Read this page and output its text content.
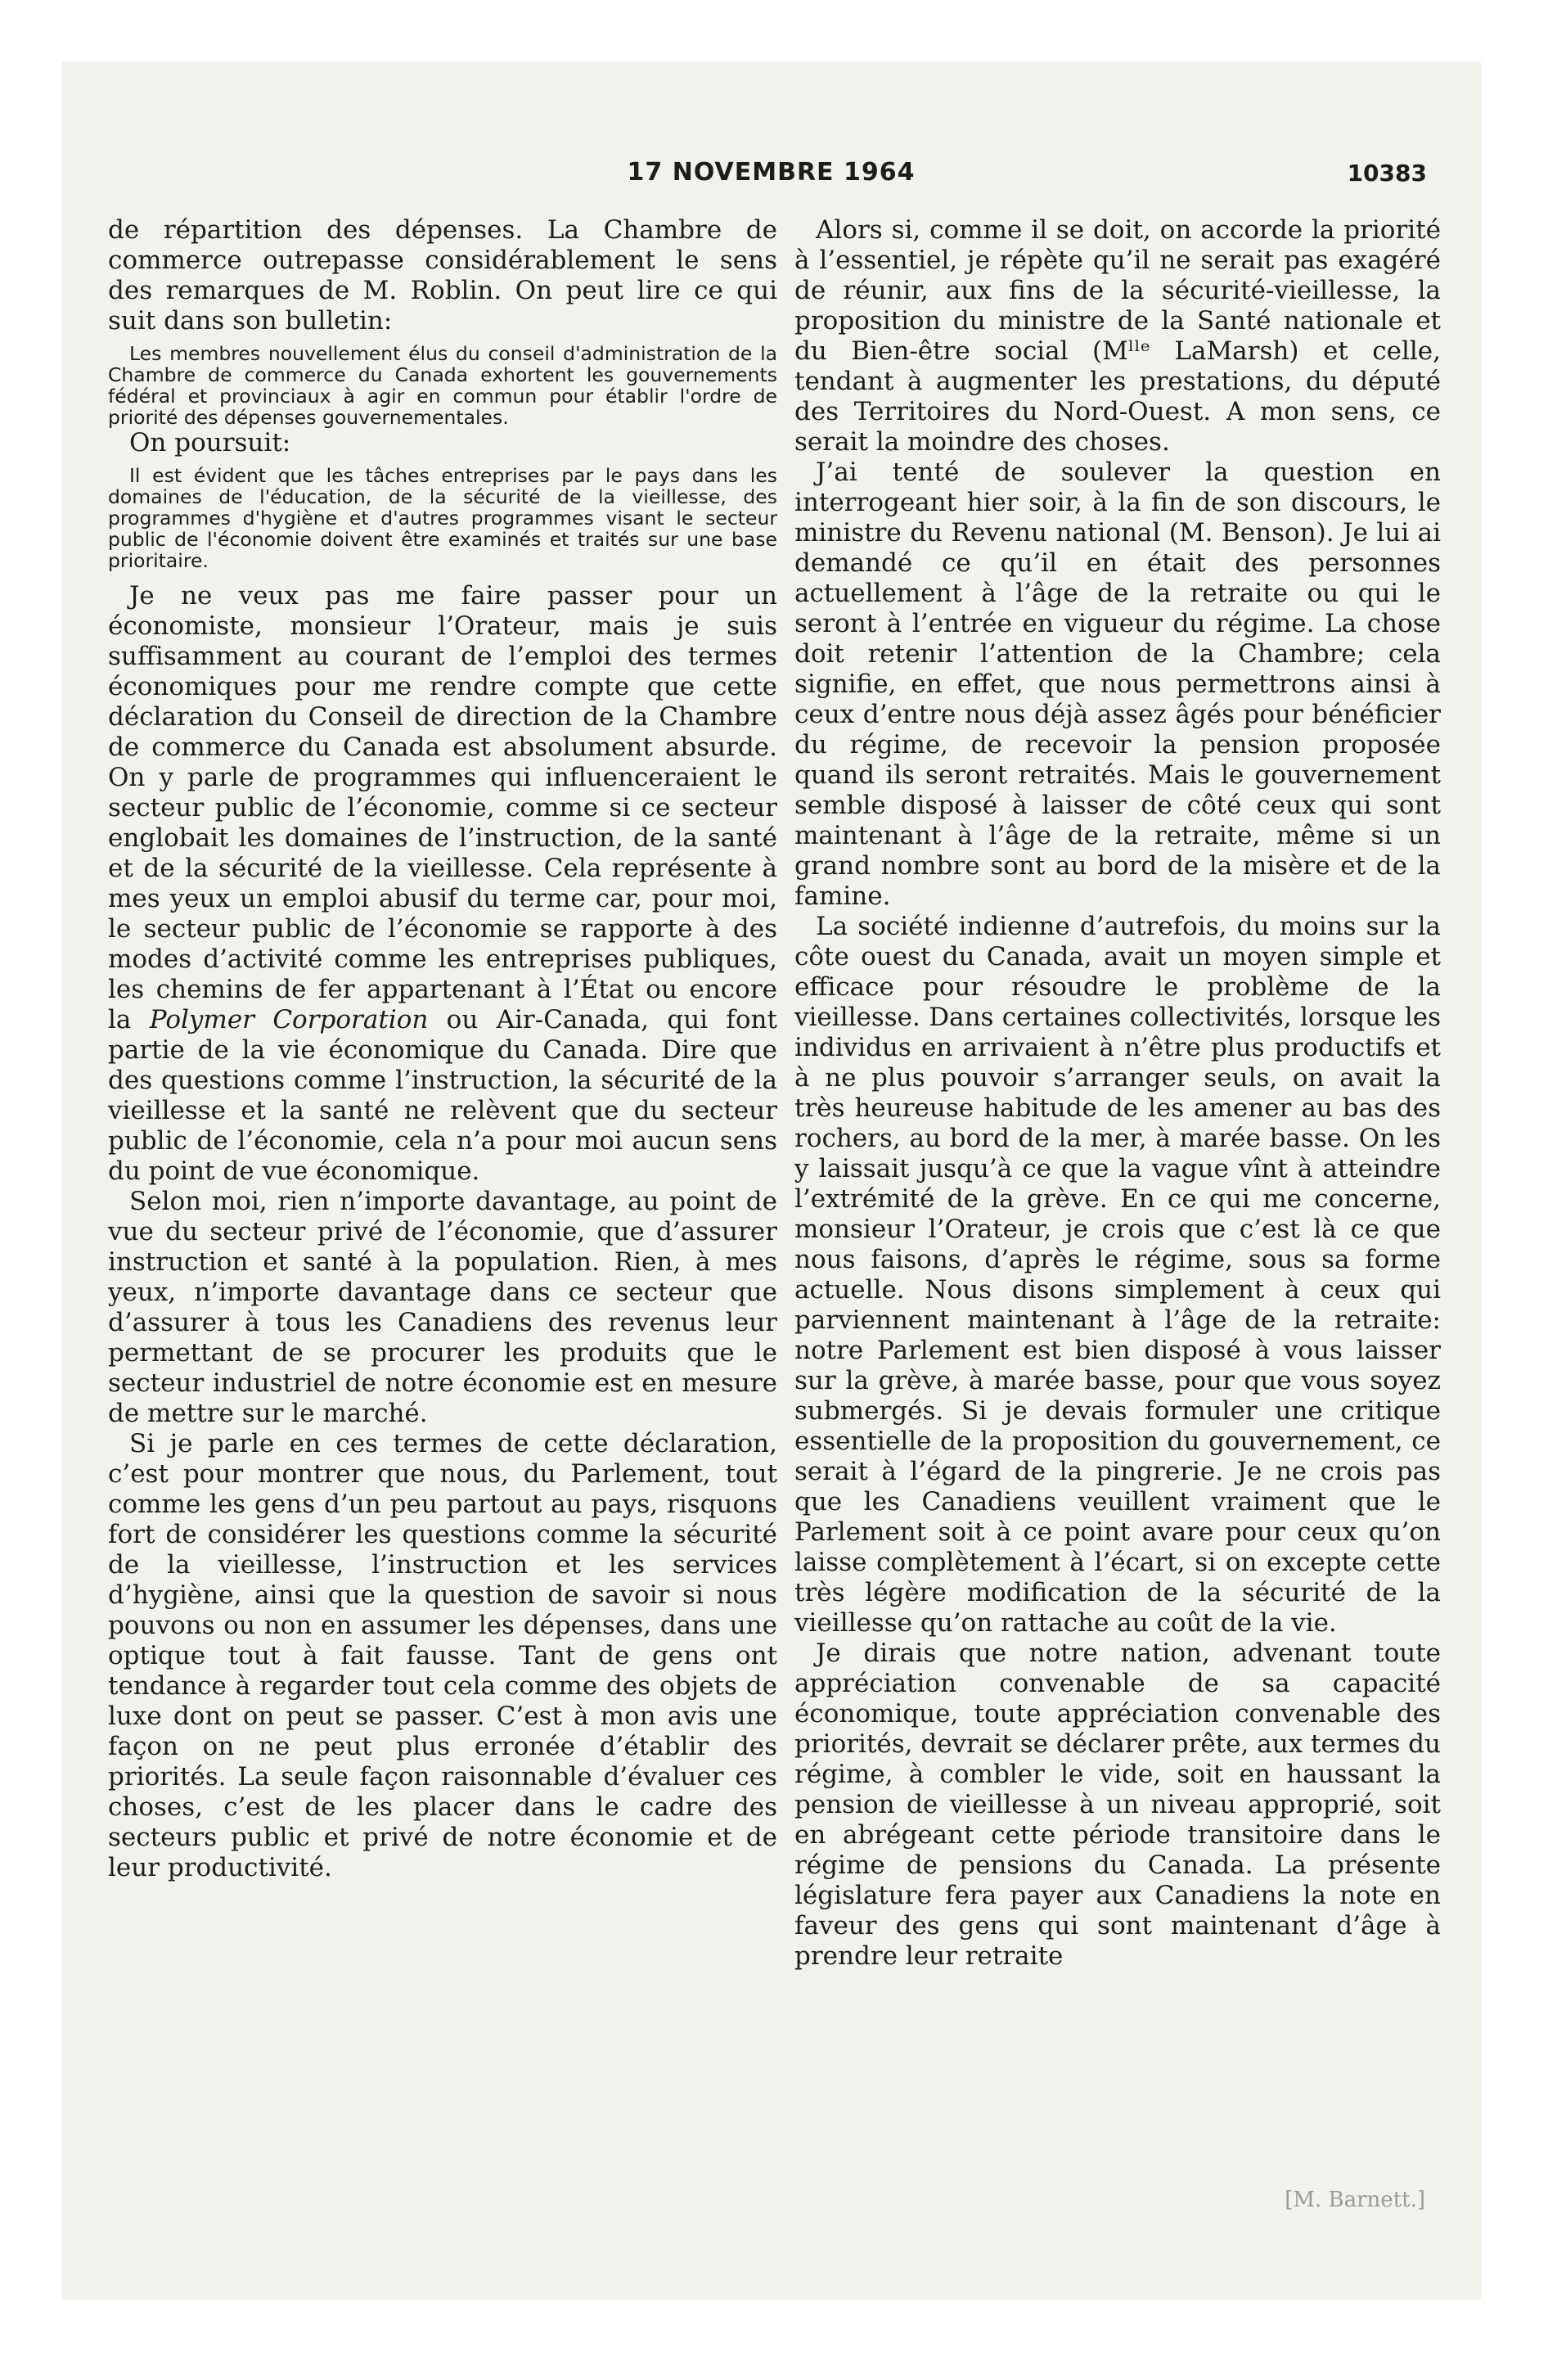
17 NOVEMBRE 1964	10383

de répartition des dépenses. La Chambre de commerce outrepasse considérablement le sens des remarques de M. Roblin. On peut lire ce qui suit dans son bulletin:

Les membres nouvellement élus du conseil d'administration de la Chambre de commerce du Canada exhortent les gouvernements fédéral et provinciaux à agir en commun pour établir l'ordre de priorité des dépenses gouvernementales.

On poursuit:

Il est évident que les tâches entreprises par le pays dans les domaines de l'éducation, de la sécurité de la vieillesse, des programmes d'hygiène et d'autres programmes visant le secteur public de l'économie doivent être examinés et traités sur une base prioritaire.

Je ne veux pas me faire passer pour un économiste, monsieur l’Orateur, mais je suis suffisamment au courant de l’emploi des termes économiques pour me rendre compte que cette déclaration du Conseil de direction de la Chambre de commerce du Canada est absolument absurde. On y parle de programmes qui influenceraient le secteur public de l’économie, comme si ce secteur englobait les domaines de l’instruction, de la santé et de la sécurité de la vieillesse. Cela représente à mes yeux un emploi abusif du terme car, pour moi, le secteur public de l’économie se rapporte à des modes d’activité comme les entreprises publiques, les chemins de fer appartenant à l’État ou encore la Polymer Corporation ou Air-Canada, qui font partie de la vie économique du Canada. Dire que des questions comme l’instruction, la sécurité de la vieillesse et la santé ne relèvent que du secteur public de l’économie, cela n’a pour moi aucun sens du point de vue économique.

Selon moi, rien n’importe davantage, au point de vue du secteur privé de l’économie, que d’assurer instruction et santé à la population. Rien, à mes yeux, n’importe davantage dans ce secteur que d’assurer à tous les Canadiens des revenus leur permettant de se procurer les produits que le secteur industriel de notre économie est en mesure de mettre sur le marché.

Si je parle en ces termes de cette déclaration, c’est pour montrer que nous, du Parlement, tout comme les gens d’un peu partout au pays, risquons fort de considérer les questions comme la sécurité de la vieillesse, l’instruction et les services d’hygiène, ainsi que la question de savoir si nous pouvons ou non en assumer les dépenses, dans une optique tout à fait fausse. Tant de gens ont tendance à regarder tout cela comme des objets de luxe dont on peut se passer. C’est à mon avis une façon on ne peut plus erronée d’établir des priorités. La seule façon raisonnable d’évaluer ces choses, c’est de les placer dans le cadre des secteurs public et privé de notre économie et de leur productivité.

Alors si, comme il se doit, on accorde la priorité à l’essentiel, je répète qu’il ne serait pas exagéré de réunir, aux fins de la sécurité-vieillesse, la proposition du ministre de la Santé nationale et du Bien-être social (Mˡˡᵉ LaMarsh) et celle, tendant à augmenter les prestations, du député des Territoires du Nord-Ouest. A mon sens, ce serait la moindre des choses.

J’ai tenté de soulever la question en interrogeant hier soir, à la fin de son discours, le ministre du Revenu national (M. Benson). Je lui ai demandé ce qu’il en était des personnes actuellement à l’âge de la retraite ou qui le seront à l’entrée en vigueur du régime. La chose doit retenir l’attention de la Chambre; cela signifie, en effet, que nous permettrons ainsi à ceux d’entre nous déjà assez âgés pour bénéficier du régime, de recevoir la pension proposée quand ils seront retraités. Mais le gouvernement semble disposé à laisser de côté ceux qui sont maintenant à l’âge de la retraite, même si un grand nombre sont au bord de la misère et de la famine.

La société indienne d’autrefois, du moins sur la côte ouest du Canada, avait un moyen simple et efficace pour résoudre le problème de la vieillesse. Dans certaines collectivités, lorsque les individus en arrivaient à n’être plus productifs et à ne plus pouvoir s’arranger seuls, on avait la très heureuse habitude de les amener au bas des rochers, au bord de la mer, à marée basse. On les y laissait jusqu’à ce que la vague vînt à atteindre l’extrémité de la grève. En ce qui me concerne, monsieur l’Orateur, je crois que c’est là ce que nous faisons, d’après le régime, sous sa forme actuelle. Nous disons simplement à ceux qui parviennent maintenant à l’âge de la retraite: notre Parlement est bien disposé à vous laisser sur la grève, à marée basse, pour que vous soyez submergés. Si je devais formuler une critique essentielle de la proposition du gouvernement, ce serait à l’égard de la pingrerie. Je ne crois pas que les Canadiens veuillent vraiment que le Parlement soit à ce point avare pour ceux qu’on laisse complètement à l’écart, si on excepte cette très légère modification de la sécurité de la vieillesse qu’on rattache au coût de la vie.

Je dirais que notre nation, advenant toute appréciation convenable de sa capacité économique, toute appréciation convenable des priorités, devrait se déclarer prête, aux termes du régime, à combler le vide, soit en haussant la pension de vieillesse à un niveau approprié, soit en abrégeant cette période transitoire dans le régime de pensions du Canada. La présente législature fera payer aux Canadiens la note en faveur des gens qui sont maintenant d’âge à prendre leur retraite

[M. Barnett.]
